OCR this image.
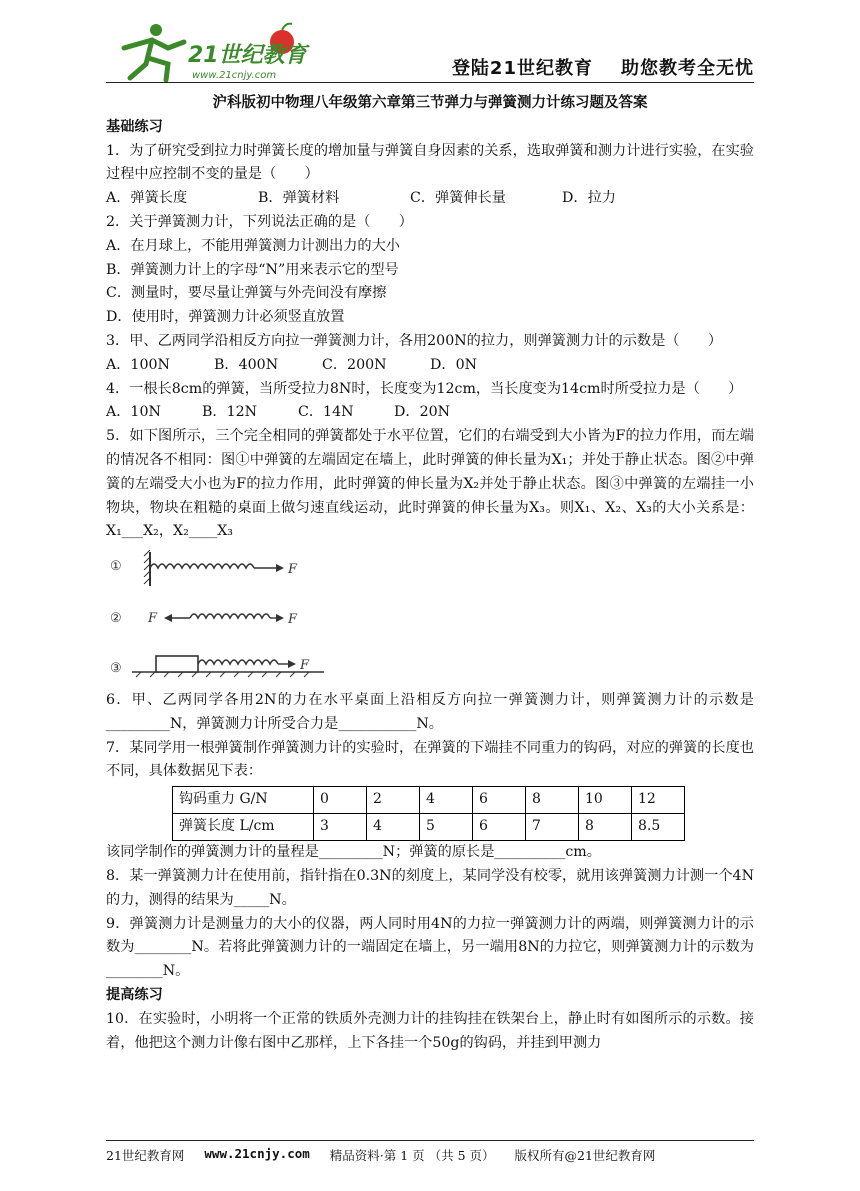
21世纪教育
www.21cnjy.com	登陆21世纪教育 助您教考全无忧
沪科版初中物理八年级第六章第三节弹力与弹簧测力计练习题及答案
基础练习
1．为了研究受到拉力时弹簧长度的增加量与弹簧自身因素的关系，选取弹簧和测力计进行实验，在实验过程中应控制不变的量是（　　）
A．弹簧长度	B．弹簧材料	C．弹簧伸长量	D．拉力
2．关于弹簧测力计，下列说法正确的是（　　）
A．在月球上，不能用弹簧测力计测出力的大小
B．弹簧测力计上的字母“N”用来表示它的型号
C．测量时，要尽量让弹簧与外壳间没有摩擦
D．使用时，弹簧测力计必须竖直放置
3．甲、乙两同学沿相反方向拉一弹簧测力计，各用200N的拉力，则弹簧测力计的示数是（　　）
A．100N	B．400N	C．200N	D．0N
4．一根长8cm的弹簧，当所受拉力8N时，长度变为12cm，当长度变为14cm时所受拉力是（　　）
A．10N	B．12N	C．14N	D．20N
5．如下图所示，三个完全相同的弹簧都处于水平位置，它们的右端受到大小皆为F的拉力作用，而左端的情况各不相同：图①中弹簧的左端固定在墙上，此时弹簧的伸长量为X₁；并处于静止状态。图②中弹簧的左端受大小也为F的拉力作用，此时弹簧的伸长量为X₂并处于静止状态。图③中弹簧的左端挂一小物块，物块在粗糙的桌面上做匀速直线运动，此时弹簧的伸长量为X₃。则X₁、X₂、X₃的大小关系是：X₁___X₂，X₂____X₃
①	F
② F	F
③	F
6．甲、乙两同学各用2N的力在水平桌面上沿相反方向拉一弹簧测力计，则弹簧测力计的示数是_________N，弹簧测力计所受合力是___________N。
7．某同学用一根弹簧制作弹簧测力计的实验时，在弹簧的下端挂不同重力的钩码，对应的弹簧的长度也不同，具体数据见下表：
钩码重力 G/N	0	2	4	6	8	10	12
弹簧长度 L/cm	3	4	5	6	7	8	8.5
该同学制作的弹簧测力计的量程是_________N；弹簧的原长是__________cm。
8．某一弹簧测力计在使用前，指针指在0.3N的刻度上，某同学没有校零，就用该弹簧测力计测一个4N的力，测得的结果为_____N。
9．弹簧测力计是测量力的大小的仪器，两人同时用4N的力拉一弹簧测力计的两端，则弹簧测力计的示数为________N。若将此弹簧测力计的一端固定在墙上，另一端用8N的力拉它，则弹簧测力计的示数为________N。
提高练习
10．在实验时，小明将一个正常的铁质外壳测力计的挂钩挂在铁架台上，静止时有如图所示的示数。接着，他把这个测力计像右图中乙那样，上下各挂一个50g的钩码，并挂到甲测力
21世纪教育网 www.21cnjy.com 精品资料·第 1 页 （共 5 页） 版权所有@21世纪教育网
